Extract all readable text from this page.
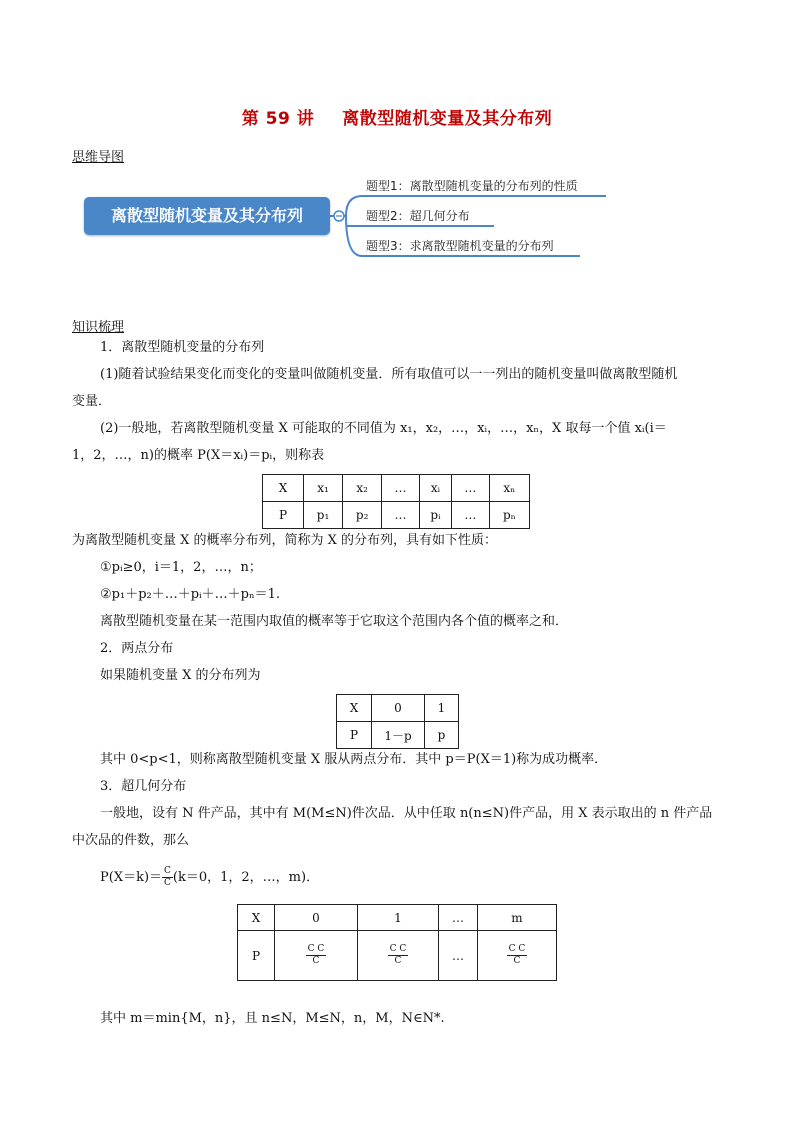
第 59 讲 离散型随机变量及其分布列
思维导图
离散型随机变量及其分布列
题型1：离散型随机变量的分布列的性质
题型2：超几何分布
题型3：求离散型随机变量的分布列
知识梳理
1．离散型随机变量的分布列
(1)随着试验结果变化而变化的变量叫做随机变量．所有取值可以一一列出的随机变量叫做离散型随机
变量．
(2)一般地，若离散型随机变量 X 可能取的不同值为 x₁，x₂，…，xᵢ，…，xₙ，X 取每一个值 xᵢ(i＝
1，2，…，n)的概率 P(X＝xᵢ)＝pᵢ，则称表
X	x₁	x₂	…	xᵢ	…	xₙ
P	p₁	p₂	…	pᵢ	…	pₙ
为离散型随机变量 X 的概率分布列，简称为 X 的分布列，具有如下性质：
①pᵢ≥0，i＝1，2，…，n；
②p₁＋p₂＋…＋pᵢ＋…＋pₙ＝1.
离散型随机变量在某一范围内取值的概率等于它取这个范围内各个值的概率之和．
2．两点分布
如果随机变量 X 的分布列为
X	0	1
P	1－p	p
其中 0<p<1，则称离散型随机变量 X 服从两点分布．其中 p＝P(X＝1)称为成功概率．
3．超几何分布
一般地，设有 N 件产品，其中有 M(M≤N)件次品．从中任取 n(n≤N)件产品，用 X 表示取出的 n 件产品
中次品的件数，那么
$P(X=k)= \frac{C}{C} (k=0$，1，2，…，m)．
X	0	1	…	m
P	$\frac{\text{C C}}{C}$	$\frac{\text{C C}}{C}$	…	$\frac{\text{C C}}{C}$
其中 m＝min{M，n}，且 n≤N，M≤N，n，M，N∈N*.
